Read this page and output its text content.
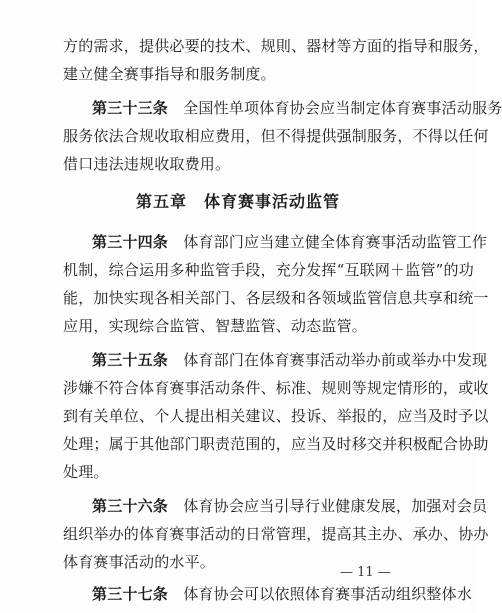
方的需求，提供必要的技术、规則、器材等方面的指导和服务，
建立健全赛事指导和服务制度。
第三十三条　全国性单项体育协会应当制定体育赛事活动服务
服务依法合规收取相应费用，但不得提供强制服务，不得以任何
借口违法违规收取费用。
第五章　体育赛事活动监管
第三十四条　体育部门应当建立健全体育赛事活动监管工作
机制，综合运用多种监管手段，充分发挥“互联网＋监管”的功
能，加快实现各相关部门、各层级和各领域监管信息共享和统一
应用，实现综合监管、智慧监管、动态监管。
第三十五条　体育部门在体育赛事活动举办前或举办中发现
涉嫌不符合体育赛事活动条件、标准、规则等规定情形的，或收
到有关单位、个人提出相关建议、投诉、举报的，应当及时予以
处理；属于其他部门职责范围的，应当及时移交并积极配合协助
处理。
第三十六条　体育协会应当引导行业健康发展，加强对会员
组织举办的体育赛事活动的日常管理，提高其主办、承办、协办
体育赛事活动的水平。
第三十七条　体育协会可以依照体育赛事活动组织整体水
— 11 —
